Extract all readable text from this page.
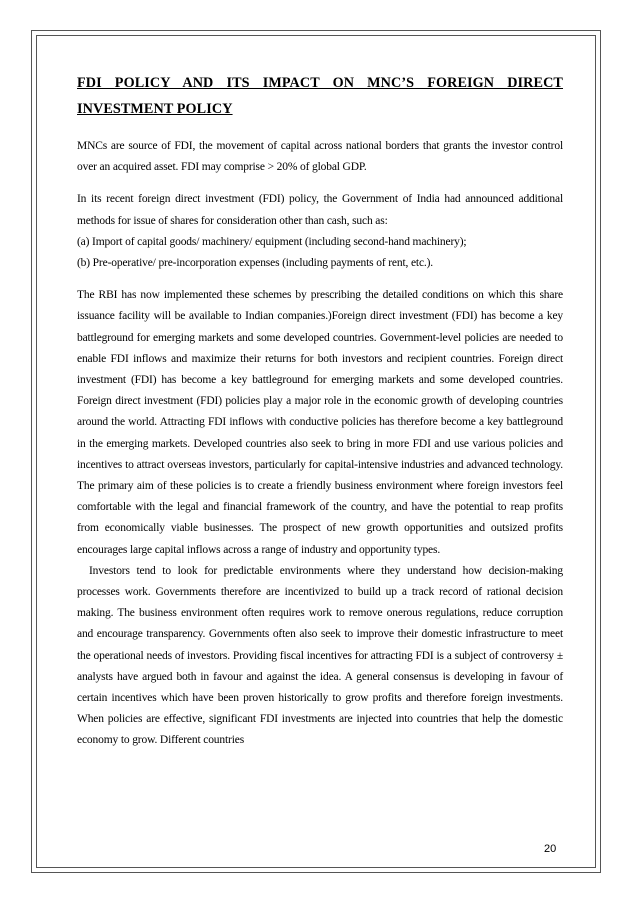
FDI POLICY AND ITS IMPACT ON MNC’S FOREIGN DIRECT INVESTMENT POLICY

MNCs are source of FDI, the movement of capital across national borders that grants the investor control over an acquired asset. FDI may comprise > 20% of global GDP.

In its recent foreign direct investment (FDI) policy, the Government of India had announced additional methods for issue of shares for consideration other than cash, such as:

(a) Import of capital goods/ machinery/ equipment (including second-hand machinery);

(b) Pre-operative/ pre-incorporation expenses (including payments of rent, etc.).

The RBI has now implemented these schemes by prescribing the detailed conditions on which this share issuance facility will be available to Indian companies.)Foreign direct investment (FDI) has become a key battleground for emerging markets and some developed countries. Government-level policies are needed to enable FDI inflows and maximize their returns for both investors and recipient countries. Foreign direct investment (FDI) has become a key battleground for emerging markets and some developed countries. Foreign direct investment (FDI) policies play a major role in the economic growth of developing countries around the world. Attracting FDI inflows with conductive policies has therefore become a key battleground in the emerging markets. Developed countries also seek to bring in more FDI and use various policies and incentives to attract overseas investors, particularly for capital-intensive industries and advanced technology. The primary aim of these policies is to create a friendly business environment where foreign investors feel comfortable with the legal and financial framework of the country, and have the potential to reap profits from economically viable businesses. The prospect of new growth opportunities and outsized profits encourages large capital inflows across a range of industry and opportunity types.

Investors tend to look for predictable environments where they understand how decision-making processes work. Governments therefore are incentivized to build up a track record of rational decision making. The business environment often requires work to remove onerous regulations, reduce corruption and encourage transparency. Governments often also seek to improve their domestic infrastructure to meet the operational needs of investors. Providing fiscal incentives for attracting FDI is a subject of controversy ± analysts have argued both in favour and against the idea. A general consensus is developing in favour of certain incentives which have been proven historically to grow profits and therefore foreign investments. When policies are effective, significant FDI investments are injected into countries that help the domestic economy to grow. Different countries

20
